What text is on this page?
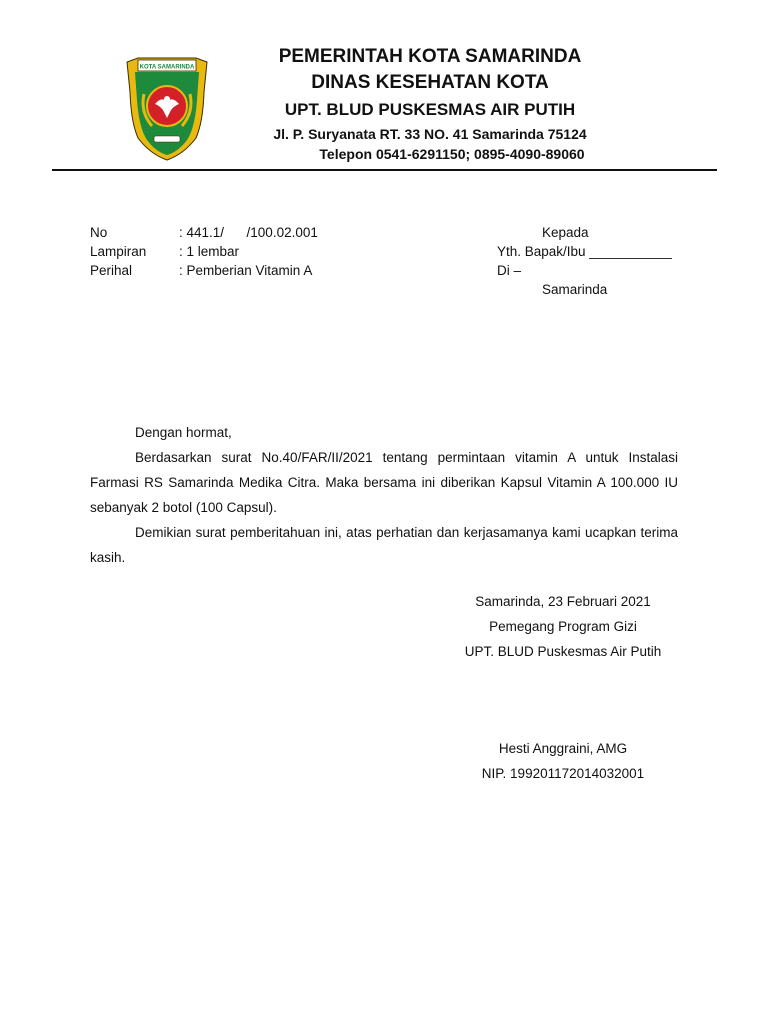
KOTA SAMARINDA
PEMERINTAH KOTA SAMARINDA
DINAS KESEHATAN KOTA
UPT. BLUD PUSKESMAS AIR PUTIH
Jl. P. Suryanata RT. 33 NO. 41 Samarinda 75124
Telepon 0541-6291150; 0895-4090-89060
No	: 441.1/      /100.02.001
Lampiran	: 1 lembar
Perihal	: Pemberian Vitamin A
Kepada
Yth. Bapak/Ibu ___________
Di –
Samarinda
Dengan hormat,

Berdasarkan surat No.40/FAR/II/2021 tentang permintaan vitamin A untuk Instalasi Farmasi RS Samarinda Medika Citra. Maka bersama ini diberikan Kapsul Vitamin A 100.000 IU sebanyak 2 botol (100 Capsul).

Demikian surat pemberitahuan ini, atas perhatian dan kerjasamanya kami ucapkan terima kasih.

Samarinda, 23 Februari 2021
Pemegang Program Gizi
UPT. BLUD Puskesmas Air Putih
Hesti Anggraini, AMG
NIP. 199201172014032001
